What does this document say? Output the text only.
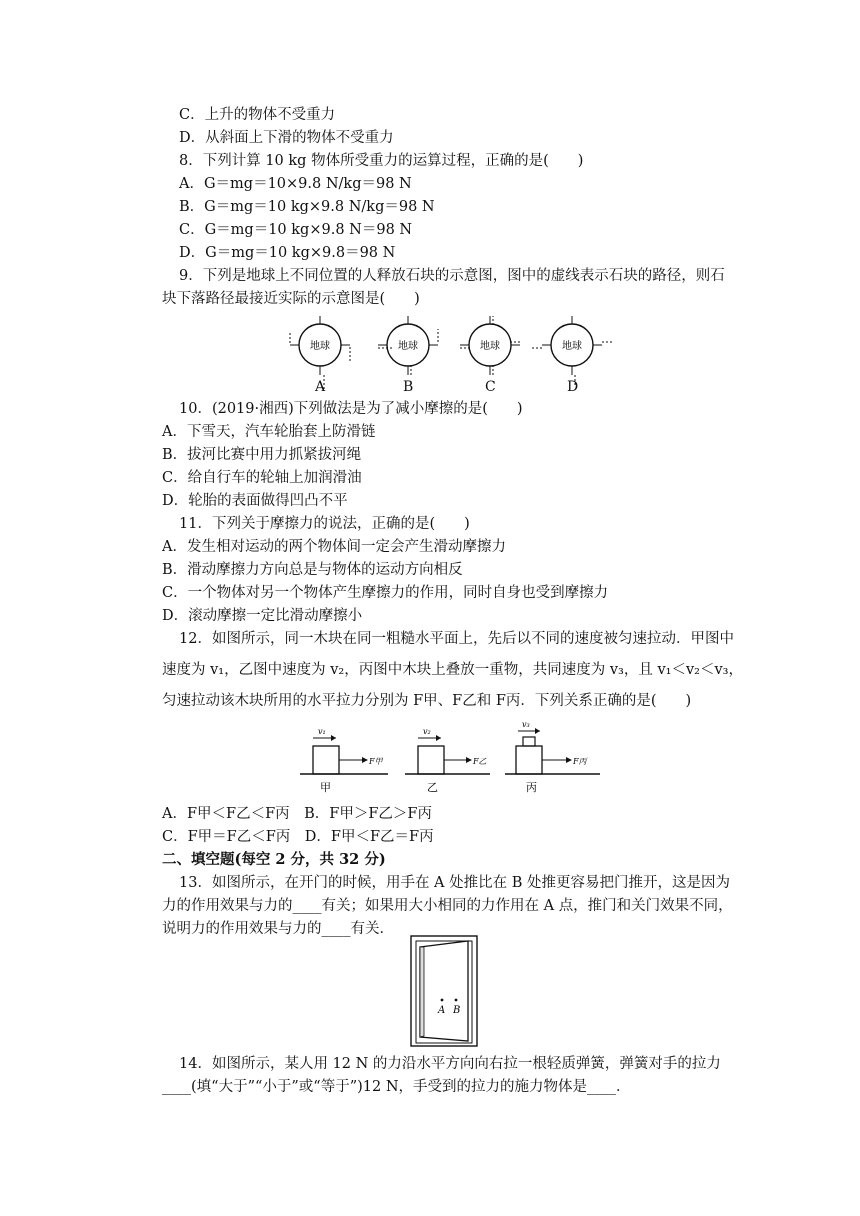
C．上升的物体不受重力
D．从斜面上下滑的物体不受重力
8．下列计算 10 kg 物体所受重力的运算过程，正确的是(　　)
A．G＝mg＝10×9.8 N/kg＝98 N
B．G＝mg＝10 kg×9.8 N/kg＝98 N
C．G＝mg＝10 kg×9.8 N＝98 N
D．G＝mg＝10 kg×9.8＝98 N
9．下列是地球上不同位置的人释放石块的示意图，图中的虚线表示石块的路径，则石
块下落路径最接近实际的示意图是(　　)
地球	地球	地球	地球
A	B	C	D
10．(2019·湘西)下列做法是为了减小摩擦的是(　　)
A．下雪天，汽车轮胎套上防滑链
B．拔河比赛中用力抓紧拔河绳
C．给自行车的轮轴上加润滑油
D．轮胎的表面做得凹凸不平
11．下列关于摩擦力的说法，正确的是(　　)
A．发生相对运动的两个物体间一定会产生滑动摩擦力
B．滑动摩擦力方向总是与物体的运动方向相反
C．一个物体对另一个物体产生摩擦力的作用，同时自身也受到摩擦力
D．滚动摩擦一定比滑动摩擦小
12．如图所示，同一木块在同一粗糙水平面上，先后以不同的速度被匀速拉动．甲图中
速度为 v₁，乙图中速度为 v₂，丙图中木块上叠放一重物，共同速度为 v₃，且 v₁＜v₂＜v₃，
匀速拉动该木块所用的水平拉力分别为 F甲、F乙和 F丙．下列关系正确的是(　　)
v₁
F甲
甲
v₂
F乙
乙
v₃
F丙
丙
A．F甲＜F乙＜F丙　B．F甲＞F乙＞F丙
C．F甲＝F乙＜F丙　D．F甲＜F乙＝F丙
二、填空题(每空 2 分，共 32 分)
13．如图所示，在开门的时候，用手在 A 处推比在 B 处推更容易把门推开，这是因为
力的作用效果与力的____有关；如果用大小相同的力作用在 A 点，推门和关门效果不同，
说明力的作用效果与力的____有关．
A B
14．如图所示，某人用 12 N 的力沿水平方向向右拉一根轻质弹簧，弹簧对手的拉力
____(填“大于”“小于”或“等于”)12 N，手受到的拉力的施力物体是____．
